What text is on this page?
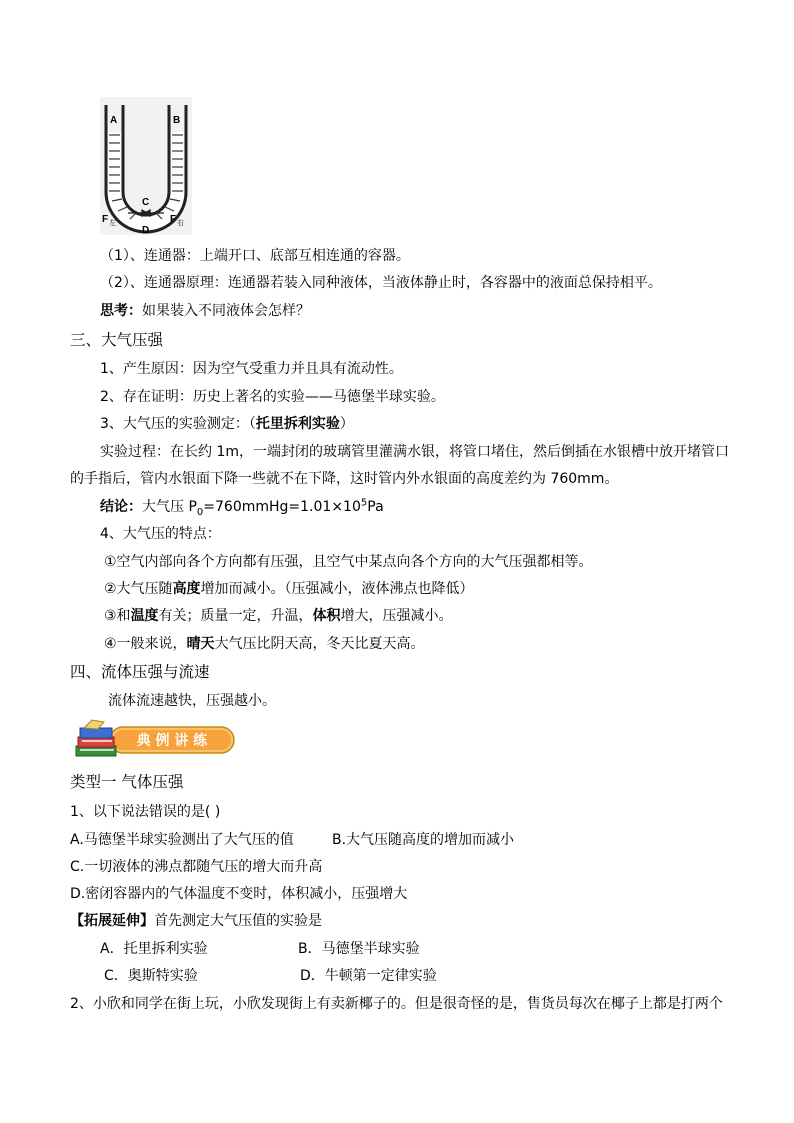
A	B
C
D
F 左	F 右
（1）、连通器：上端开口、底部互相连通的容器。
（2）、连通器原理：连通器若装入同种液体，当液体静止时，各容器中的液面总保持相平。
思考：如果装入不同液体会怎样？
三、大气压强
1、产生原因：因为空气受重力并且具有流动性。
2、存在证明：历史上著名的实验——马德堡半球实验。
3、大气压的实验测定：（托里拆利实验）
实验过程：在长约 1m，一端封闭的玻璃管里灌满水银，将管口堵住，然后倒插在水银槽中放开堵管口
的手指后，管内水银面下降一些就不在下降，这时管内外水银面的高度差约为 760mm。
结论：大气压 $P_0=760mmHg=1.01\times 10^5Pa$
4、大气压的特点：
①空气内部向各个方向都有压强，且空气中某点向各个方向的大气压强都相等。
②大气压随高度增加而减小。（压强减小，液体沸点也降低）
③和温度有关；质量一定，升温，体积增大，压强减小。
④一般来说，晴天大气压比阴天高，冬天比夏天高。
四、流体压强与流速
流体流速越快，压强越小。
典 例 讲 练
类型一 气体压强
1、以下说法错误的是( )
A.马德堡半球实验测出了大气压的值	B.大气压随高度的增加而减小
C.一切液体的沸点都随气压的增大而升高
D.密闭容器内的气体温度不变时，体积减小，压强增大
【拓展延伸】首先测定大气压值的实验是
A．托里拆利实验	B．马德堡半球实验
C．奥斯特实验	D．牛顿第一定律实验
2、小欣和同学在街上玩，小欣发现街上有卖新椰子的。但是很奇怪的是，售货员每次在椰子上都是打两个
